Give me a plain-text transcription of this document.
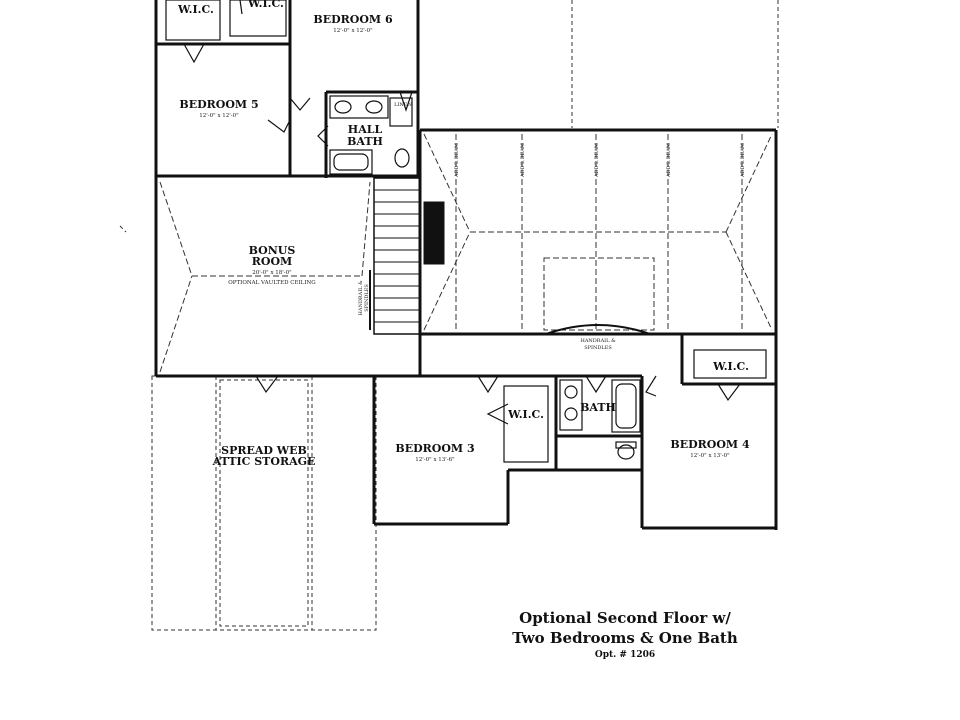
W.I.C.	W.I.C.
BEDROOM 6
12'-0" x 12'-0"
BEDROOM 5
12'-0" x 12'-0"
LINEN
HALL
BATH
BONUS
ROOM
20'-0" x 18'-0"
OPTIONAL VAULTED CEILING	HANDRAIL & SPINDLES
HANDRAIL &
SPINDLES
BEDROOM 3
12'-0" x 13'-6"
W.I.C.
BATH
BEDROOM 4
12'-0" x 13'-0"
W.I.C.
SPREAD WEB
ATTIC STORAGE
ADD'L BEAM	ADD'L BEAM	ADD'L BEAM	ADD'L BEAM	ADD'L BEAM
Optional Second Floor w/
Two Bedrooms & One Bath
Opt. # 1206
